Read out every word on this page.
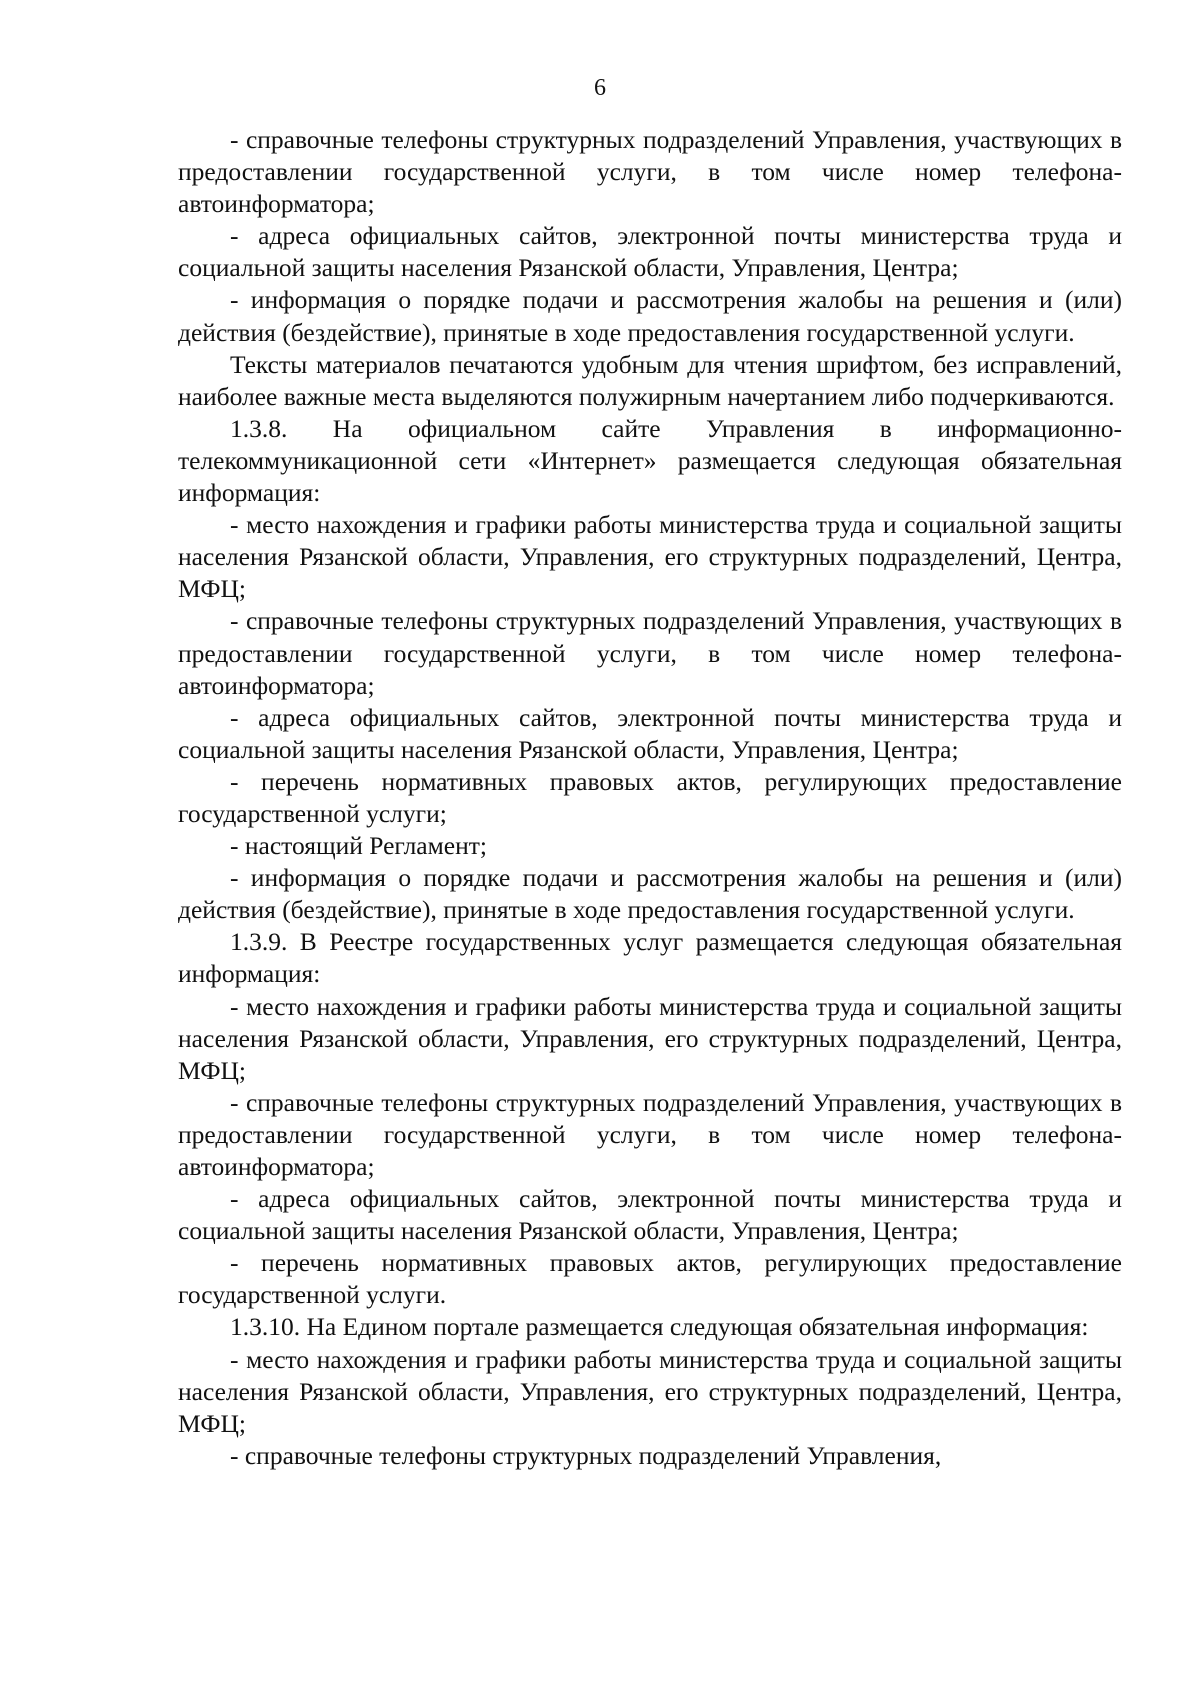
6

- справочные телефоны структурных подразделений Управления, участвующих в предоставлении государственной услуги, в том числе номер телефона-автоинформатора;

- адреса официальных сайтов, электронной почты министерства труда и социальной защиты населения Рязанской области, Управления, Центра;

- информация о порядке подачи и рассмотрения жалобы на решения и (или) действия (бездействие), принятые в ходе предоставления государственной услуги.

Тексты материалов печатаются удобным для чтения шрифтом, без исправлений, наиболее важные места выделяются полужирным начертанием либо подчеркиваются.

1.3.8. На официальном сайте Управления в информационно-телекоммуникационной сети «Интернет» размещается следующая обязательная информация:

- место нахождения и графики работы министерства труда и социальной защиты населения Рязанской области, Управления, его структурных подразделений, Центра, МФЦ;

- справочные телефоны структурных подразделений Управления, участвующих в предоставлении государственной услуги, в том числе номер телефона-автоинформатора;

- адреса официальных сайтов, электронной почты министерства труда и социальной защиты населения Рязанской области, Управления, Центра;

- перечень нормативных правовых актов, регулирующих предоставление государственной услуги;

- настоящий Регламент;

- информация о порядке подачи и рассмотрения жалобы на решения и (или) действия (бездействие), принятые в ходе предоставления государственной услуги.

1.3.9. В Реестре государственных услуг размещается следующая обязательная информация:

- место нахождения и графики работы министерства труда и социальной защиты населения Рязанской области, Управления, его структурных подразделений, Центра, МФЦ;

- справочные телефоны структурных подразделений Управления, участвующих в предоставлении государственной услуги, в том числе номер телефона-автоинформатора;

- адреса официальных сайтов, электронной почты министерства труда и социальной защиты населения Рязанской области, Управления, Центра;

- перечень нормативных правовых актов, регулирующих предоставление государственной услуги.

1.3.10. На Едином портале размещается следующая обязательная информация:

- место нахождения и графики работы министерства труда и социальной защиты населения Рязанской области, Управления, его структурных подразделений, Центра, МФЦ;

- справочные телефоны структурных подразделений Управления,
